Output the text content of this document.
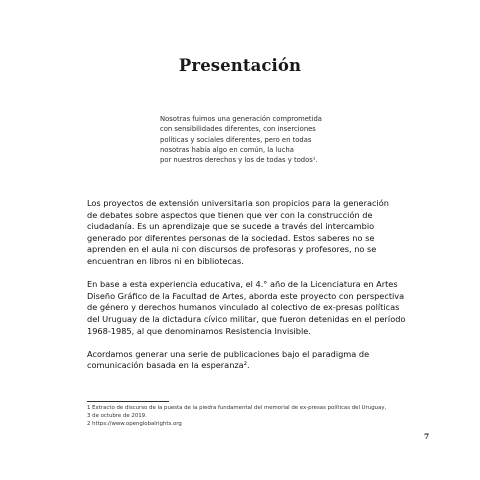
Presentación
Nosotras fuimos una generación comprometida
con sensibilidades diferentes, con inserciones
políticas y sociales diferentes, pero en todas
nosotras había algo en común, la lucha
por nuestros derechos y los de todas y todos¹.
Los proyectos de extensión universitaria son propicios para la generación
de debates sobre aspectos que tienen que ver con la construcción de
ciudadanía. Es un aprendizaje que se sucede a través del intercambio
generado por diferentes personas de la sociedad. Estos saberes no se
aprenden en el aula ni con discursos de profesoras y profesores, no se
encuentran en libros ni en bibliotecas.
En base a esta experiencia educativa, el 4.° año de la Licenciatura en Artes
Diseño Gráfico de la Facultad de Artes, aborda este proyecto con perspectiva
de género y derechos humanos vinculado al colectivo de ex-presas políticas
del Uruguay de la dictadura cívico militar, que fueron detenidas en el período
1968-1985, al que denominamos Resistencia Invisible.
Acordamos generar una serie de publicaciones bajo el paradigma de
comunicación basada en la esperanza².
1 Extracto de discurso de la puesta de la piedra fundamental del memorial de ex-presas políticas del Uruguay,
3 de octubre de 2019.
2 https://www.openglobalrights.org
7
